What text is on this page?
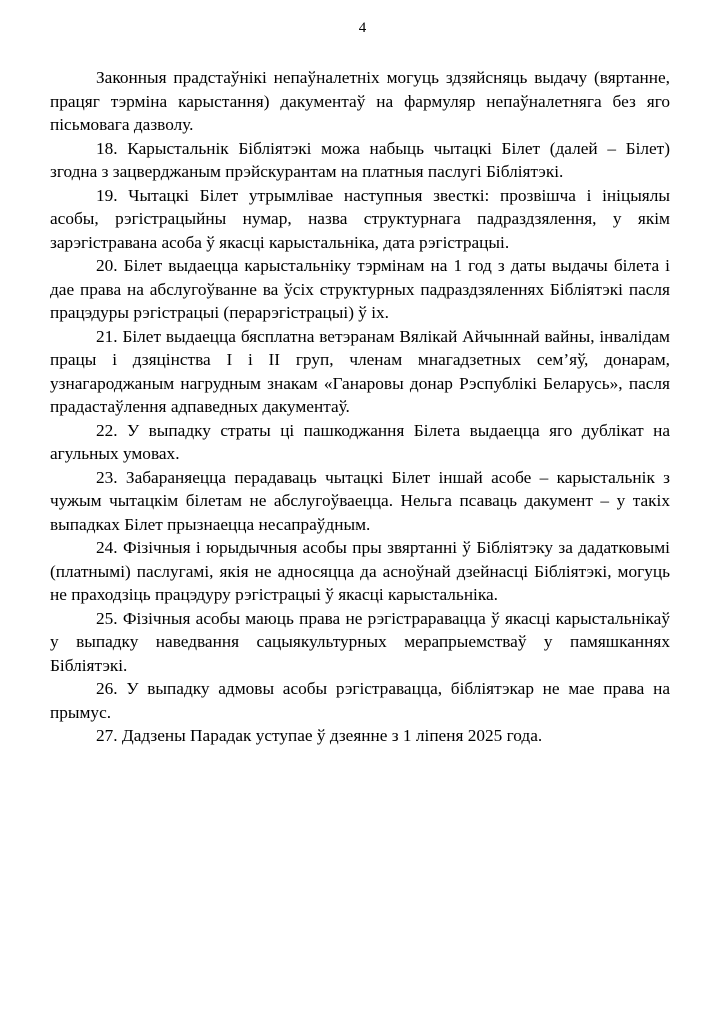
4

Законныя прадстаўнікі непаўналетніх могуць здзяйсняць выдачу (вяртанне, працяг тэрміна карыстання) дакументаў на фармуляр непаўналетняга без яго пісьмовага дазволу.

18. Карыстальнік Бібліятэкі можа набыць чытацкі Білет (далей – Білет) згодна з зацверджаным прэйскурантам на платныя паслугі Бібліятэкі.

19. Чытацкі Білет утрымлівае наступныя звесткі: прозвішча і ініцыялы асобы, рэгістрацыйны нумар, назва структурнага падраздзялення, у якім зарэгістравана асоба ў якасці карыстальніка, дата рэгістрацыі.

20. Білет выдаецца карыстальніку тэрмінам на 1 год з даты выдачы білета і дае права на абслугоўванне ва ўсіх структурных падраздзяленнях Бібліятэкі пасля працэдуры рэгістрацыі (перарэгістрацыі) ў іх.

21. Білет выдаецца бясплатна ветэранам Вялікай Айчыннай вайны, інвалідам працы і дзяцінства I і II груп, членам мнагадзетных сем’яў, донарам, узнагароджаным нагрудным знакам «Ганаровы донар Рэспублікі Беларусь», пасля прадастаўлення адпаведных дакументаў.

22. У выпадку страты ці пашкоджання Білета выдаецца яго дублікат на агульных умовах.

23. Забараняецца перадаваць чытацкі Білет іншай асобе – карыстальнік з чужым чытацкім білетам не абслугоўваецца. Нельга псаваць дакумент – у такіх выпадках Білет прызнаецца несапраўдным.

24. Фізічныя і юрыдычныя асобы пры звяртанні ў Бібліятэку за дадатковымі (платнымі) паслугамі, якія не адносяцца да асноўнай дзейнасці Бібліятэкі, могуць не праходзіць працэдуру рэгістрацыі ў якасці карыстальніка.

25. Фізічныя асобы маюць права не рэгістраравацца ў якасці карыстальнікаў у выпадку наведвання сацыякультурных мерапрыемстваў у памяшканнях Бібліятэкі.

26. У выпадку адмовы асобы рэгістравацца, бібліятэкар не мае права на прымус.

27. Дадзены Парадак уступае ў дзеянне з 1 ліпеня 2025 года.
